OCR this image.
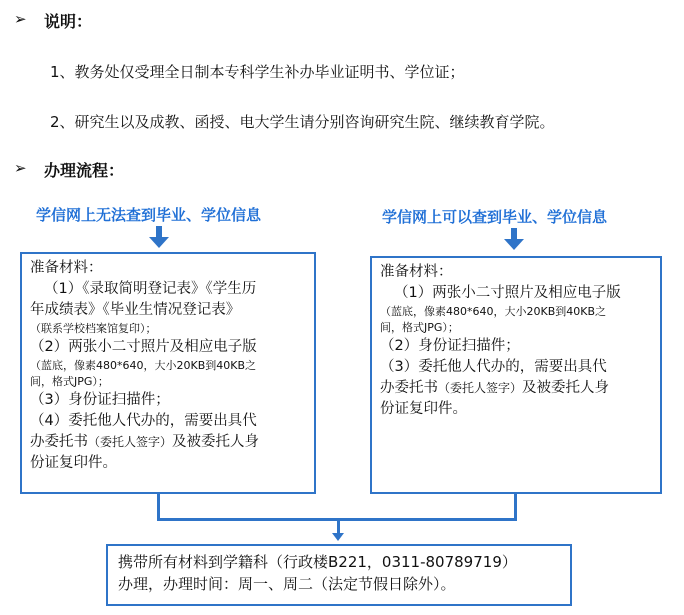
➢ 说明：
1、教务处仅受理全日制本专科学生补办毕业证明书、学位证；
2、研究生以及成教、函授、电大学生请分别咨询研究生院、继续教育学院。
➢ 办理流程：
学信网上无法查到毕业、学位信息
准备材料：
（1）《录取简明登记表》《学生历
年成绩表》《毕业生情况登记表》
（联系学校档案馆复印）；
（2）两张小二寸照片及相应电子版
（蓝底，像素480*640，大小20KB到40KB之
间，格式JPG）；
（3）身份证扫描件；
（4）委托他人代办的，需要出具代
办委托书（委托人签字）及被委托人身
份证复印件。
学信网上可以查到毕业、学位信息
准备材料：
（1）两张小二寸照片及相应电子版
（蓝底，像素480*640，大小20KB到40KB之
间，格式JPG）；
（2）身份证扫描件；
（3）委托他人代办的，需要出具代
办委托书（委托人签字）及被委托人身
份证复印件。
携带所有材料到学籍科（行政楼B221，0311-80789719）
办理，办理时间：周一、周二（法定节假日除外）。
